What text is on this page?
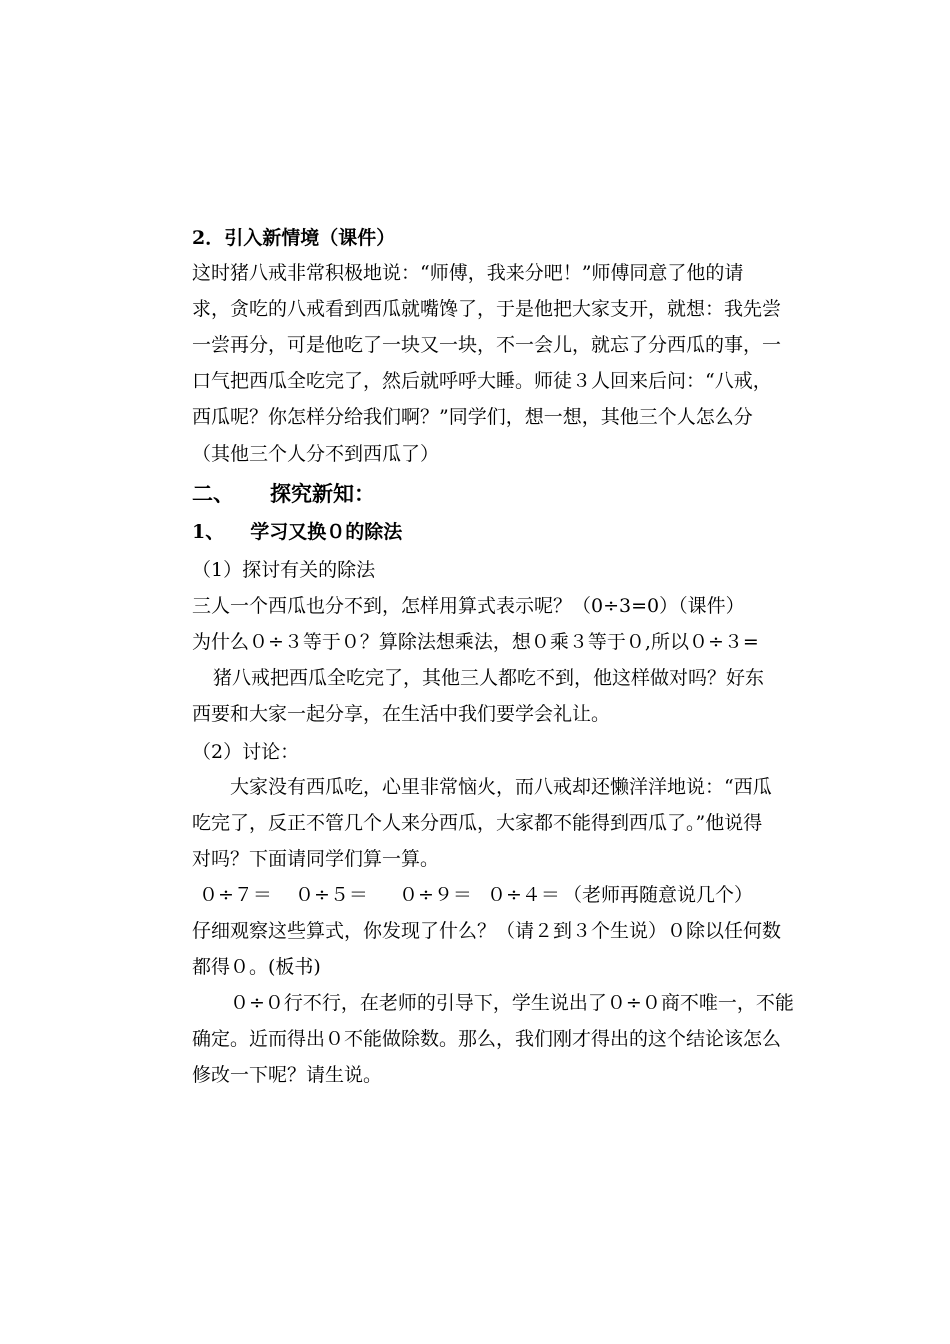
2．引入新情境（课件）
这时猪八戒非常积极地说：“师傅，我来分吧！”师傅同意了他的请
求，贪吃的八戒看到西瓜就嘴馋了，于是他把大家支开，就想：我先尝
一尝再分，可是他吃了一块又一块，不一会儿，就忘了分西瓜的事，一
口气把西瓜全吃完了，然后就呼呼大睡。师徒３人回来后问：“八戒，
西瓜呢？你怎样分给我们啊？”同学们，想一想，其他三个人怎么分
（其他三个人分不到西瓜了）
二、 探究新知：
1、 学习又换０的除法
（1）探讨有关的除法
三人一个西瓜也分不到，怎样用算式表示呢？（0÷3=0）（课件）
为什么０÷３等于０？算除法想乘法，想０乘３等于０,所以０÷３=
猪八戒把西瓜全吃完了，其他三人都吃不到，他这样做对吗？好东
西要和大家一起分享，在生活中我们要学会礼让。
（2）讨论：
大家没有西瓜吃，心里非常恼火，而八戒却还懒洋洋地说：“西瓜
吃完了，反正不管几个人来分西瓜，大家都不能得到西瓜了。”他说得
对吗？下面请同学们算一算。
０÷７＝ ０÷５＝ ０÷９＝ ０÷４＝ （老师再随意说几个）
仔细观察这些算式，你发现了什么？（请２到３个生说）０除以任何数
都得０。(板书)
０÷０行不行，在老师的引导下，学生说出了０÷０商不唯一，不能
确定。近而得出０不能做除数。那么，我们刚才得出的这个结论该怎么
修改一下呢？请生说。
